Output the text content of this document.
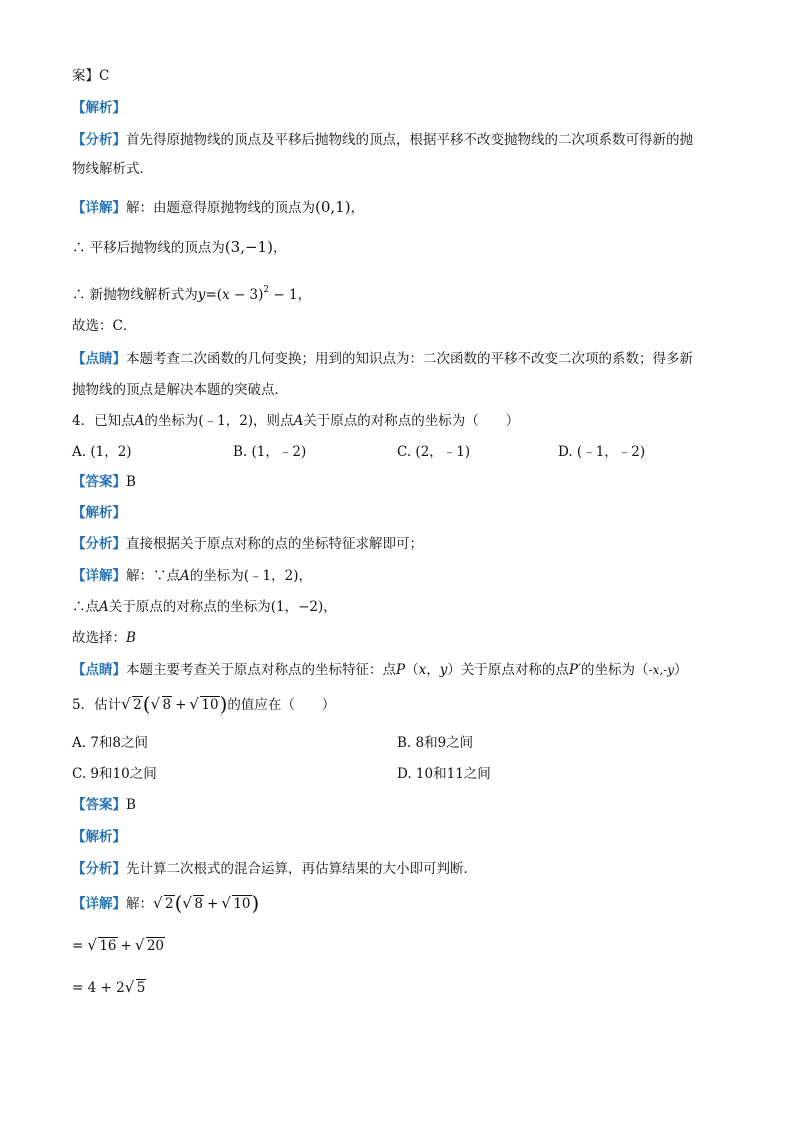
案】C
【解析】
【分析】首先得原抛物线的顶点及平移后抛物线的顶点，根据平移不改变抛物线的二次项系数可得新的抛
物线解析式．
【详解】解：由题意得原抛物线的顶点为(0,1)，
∴ 平移后抛物线的顶点为(3,−1)，
∴ 新抛物线解析式为$y=(x - 3)^2 - 1$，
故选：C．
【点睛】本题考查二次函数的几何变换；用到的知识点为：二次函数的平移不改变二次项的系数；得多新
抛物线的顶点是解决本题的突破点．
4．已知点A的坐标为(﹣1，2)，则点A关于原点的对称点的坐标为（　　）
A. (1，2)	B. (1，﹣2)	C. (2，﹣1)	D. (﹣1，﹣2)
【答案】B
【解析】
【分析】直接根据关于原点对称的点的坐标特征求解即可；
【详解】解：∵点A的坐标为(﹣1，2)，
∴点A关于原点的对称点的坐标为(1，−2)，
故选择：B
【点睛】本题主要考查关于原点对称点的坐标特征：点P（x，y）关于原点对称的点P′的坐标为（-x,-y）
5．估计 √ 2( √ 8 + √ 10)的值应在（　　）
A. 7和8之间	B. 8和9之间
C. 9和10之间	D. 10和11之间
【答案】B
【解析】
【分析】先计算二次根式的混合运算，再估算结果的大小即可判断．
【详解】解： √ 2( √ 8 + √ 10)
= √ 16 + √ 20
= 4 + 2 √ 5
